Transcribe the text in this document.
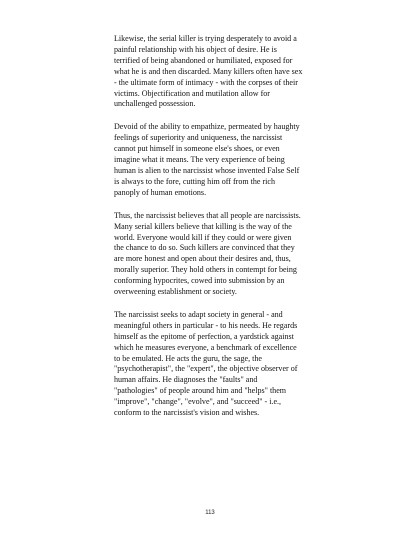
Likewise, the serial killer is trying desperately to avoid a
painful relationship with his object of desire. He is
terrified of being abandoned or humiliated, exposed for
what he is and then discarded. Many killers often have sex
- the ultimate form of intimacy - with the corpses of their
victims. Objectification and mutilation allow for
unchallenged possession.

Devoid of the ability to empathize, permeated by haughty
feelings of superiority and uniqueness, the narcissist
cannot put himself in someone else's shoes, or even
imagine what it means. The very experience of being
human is alien to the narcissist whose invented False Self
is always to the fore, cutting him off from the rich
panoply of human emotions.

Thus, the narcissist believes that all people are narcissists.
Many serial killers believe that killing is the way of the
world. Everyone would kill if they could or were given
the chance to do so. Such killers are convinced that they
are more honest and open about their desires and, thus,
morally superior. They hold others in contempt for being
conforming hypocrites, cowed into submission by an
overweening establishment or society.

The narcissist seeks to adapt society in general - and
meaningful others in particular - to his needs. He regards
himself as the epitome of perfection, a yardstick against
which he measures everyone, a benchmark of excellence
to be emulated. He acts the guru, the sage, the
"psychotherapist", the "expert", the objective observer of
human affairs. He diagnoses the "faults" and
"pathologies" of people around him and "helps" them
"improve", "change", "evolve", and "succeed" - i.e.,
conform to the narcissist's vision and wishes.

113
